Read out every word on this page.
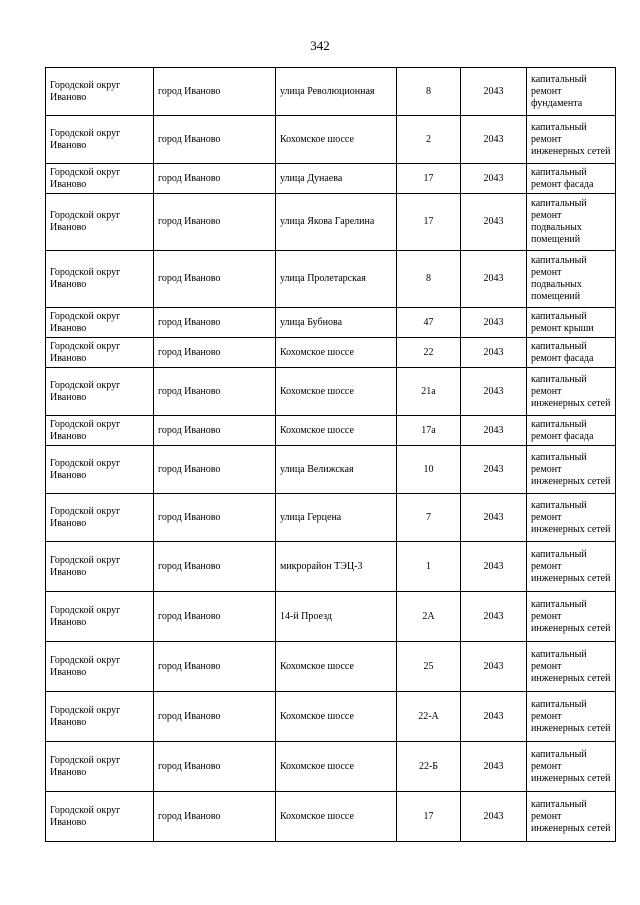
342
Городской округ Иваново	город Иваново	улица Революционная	8	2043	капитальный ремонт фундамента
Городской округ Иваново	город Иваново	Кохомское шоссе	2	2043	капитальный ремонт инженерных сетей
Городской округ Иваново	город Иваново	улица Дунаева	17	2043	капитальный ремонт фасада
Городской округ Иваново	город Иваново	улица Якова Гарелина	17	2043	капитальный ремонт подвальных помещений
Городской округ Иваново	город Иваново	улица Пролетарская	8	2043	капитальный ремонт подвальных помещений
Городской округ Иваново	город Иваново	улица Бубнова	47	2043	капитальный ремонт крыши
Городской округ Иваново	город Иваново	Кохомское шоссе	22	2043	капитальный ремонт фасада
Городской округ Иваново	город Иваново	Кохомское шоссе	21а	2043	капитальный ремонт инженерных сетей
Городской округ Иваново	город Иваново	Кохомское шоссе	17а	2043	капитальный ремонт фасада
Городской округ Иваново	город Иваново	улица Велижская	10	2043	капитальный ремонт инженерных сетей
Городской округ Иваново	город Иваново	улица Герцена	7	2043	капитальный ремонт инженерных сетей
Городской округ Иваново	город Иваново	микрорайон ТЭЦ-3	1	2043	капитальный ремонт инженерных сетей
Городской округ Иваново	город Иваново	14-й Проезд	2А	2043	капитальный ремонт инженерных сетей
Городской округ Иваново	город Иваново	Кохомское шоссе	25	2043	капитальный ремонт инженерных сетей
Городской округ Иваново	город Иваново	Кохомское шоссе	22-А	2043	капитальный ремонт инженерных сетей
Городской округ Иваново	город Иваново	Кохомское шоссе	22-Б	2043	капитальный ремонт инженерных сетей
Городской округ Иваново	город Иваново	Кохомское шоссе	17	2043	капитальный ремонт инженерных сетей
